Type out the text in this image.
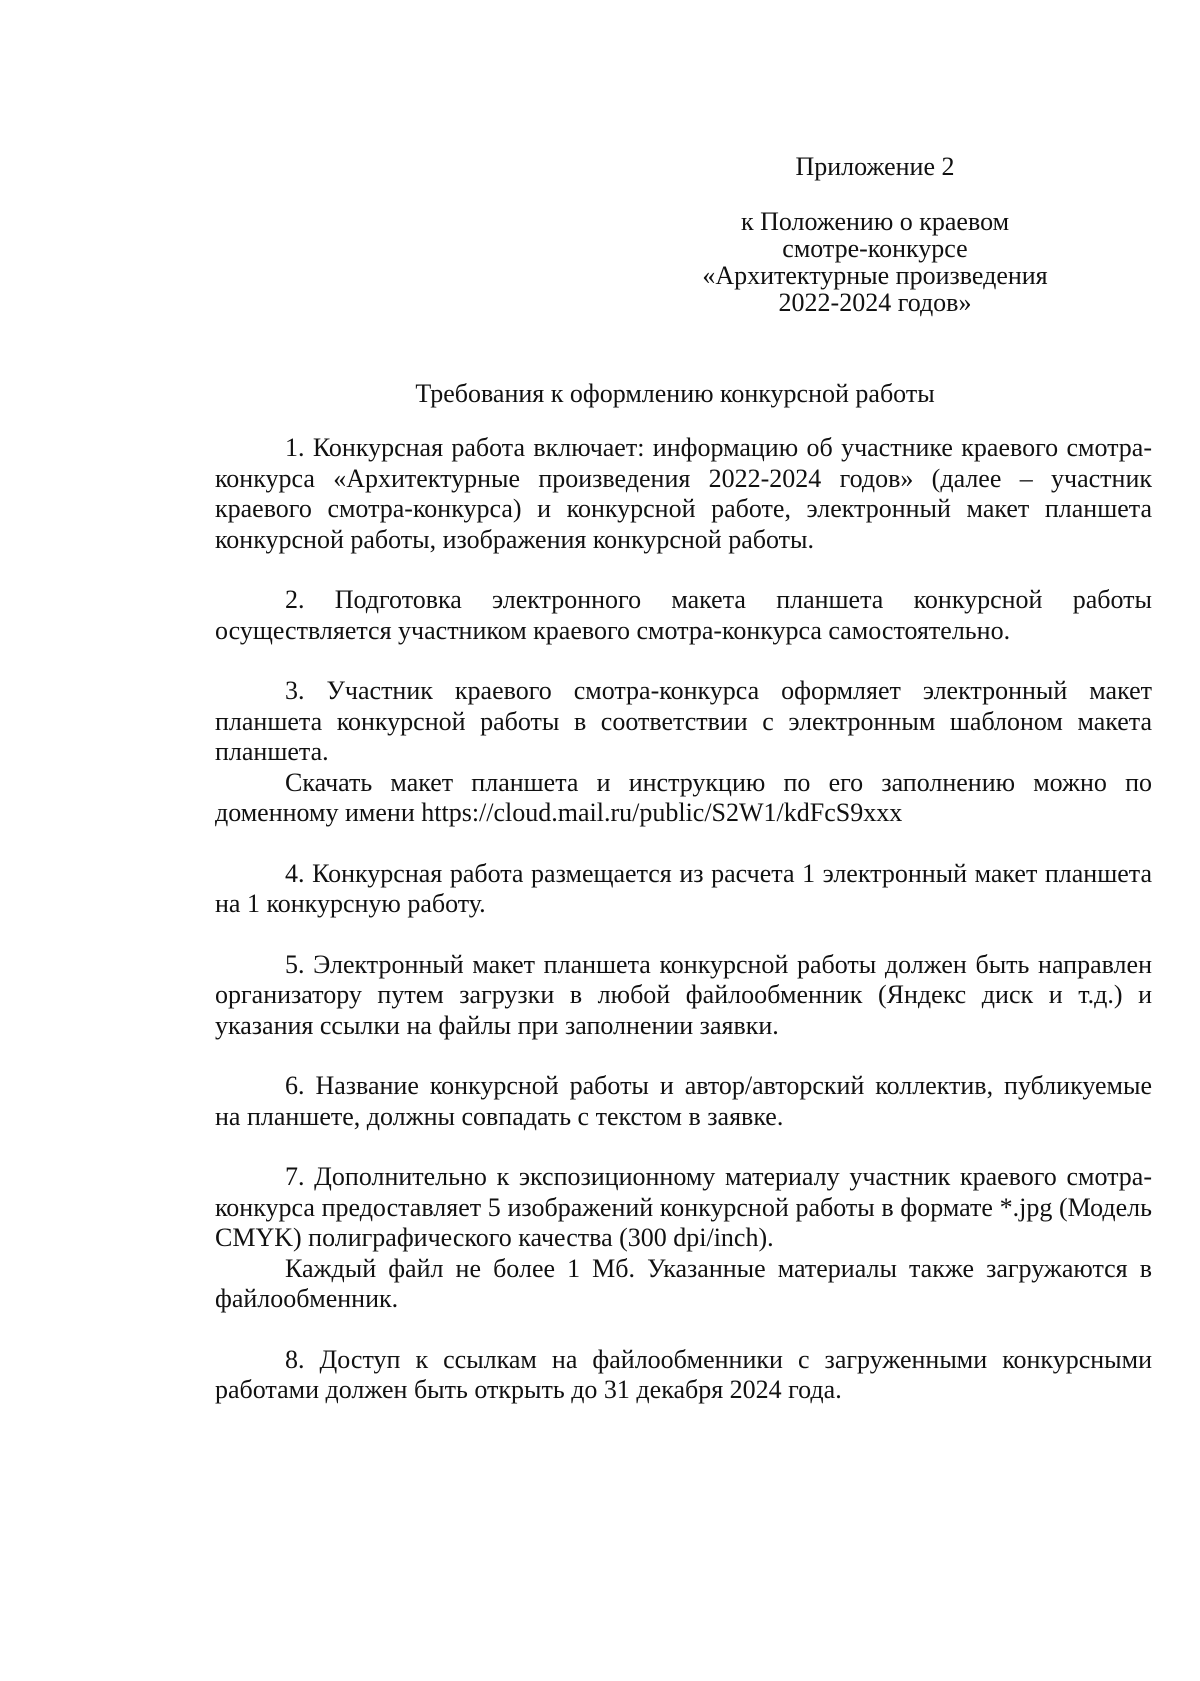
Приложение 2
к Положению о краевом
смотре-конкурсе
«Архитектурные произведения
2022-2024 годов»
Требования к оформлению конкурсной работы

1. Конкурсная работа включает: информацию об участнике краевого смотра-конкурса «Архитектурные произведения 2022-2024 годов» (далее – участник краевого смотра-конкурса) и конкурсной работе, электронный макет планшета конкурсной работы, изображения конкурсной работы.

2. Подготовка электронного макета планшета конкурсной работы осуществляется участником краевого смотра-конкурса самостоятельно.

3. Участник краевого смотра-конкурса оформляет электронный макет планшета конкурсной работы в соответствии с электронным шаблоном макета планшета.

Скачать макет планшета и инструкцию по его заполнению можно по доменному имени https://cloud.mail.ru/public/S2W1/kdFcS9xxx

4. Конкурсная работа размещается из расчета 1 электронный макет планшета на 1 конкурсную работу.

5. Электронный макет планшета конкурсной работы должен быть направлен организатору путем загрузки в любой файлообменник (Яндекс диск и т.д.) и указания ссылки на файлы при заполнении заявки.

6. Название конкурсной работы и автор/авторский коллектив, публикуемые на планшете, должны совпадать с текстом в заявке.

7. Дополнительно к экспозиционному материалу участник краевого смотра-конкурса предоставляет 5 изображений конкурсной работы в формате *.jpg (Модель CMYK) полиграфического качества (300 dpi/inch).

Каждый файл не более 1 Мб. Указанные материалы также загружаются в файлообменник.

8. Доступ к ссылкам на файлообменники с загруженными конкурсными работами должен быть открыть до 31 декабря 2024 года.
